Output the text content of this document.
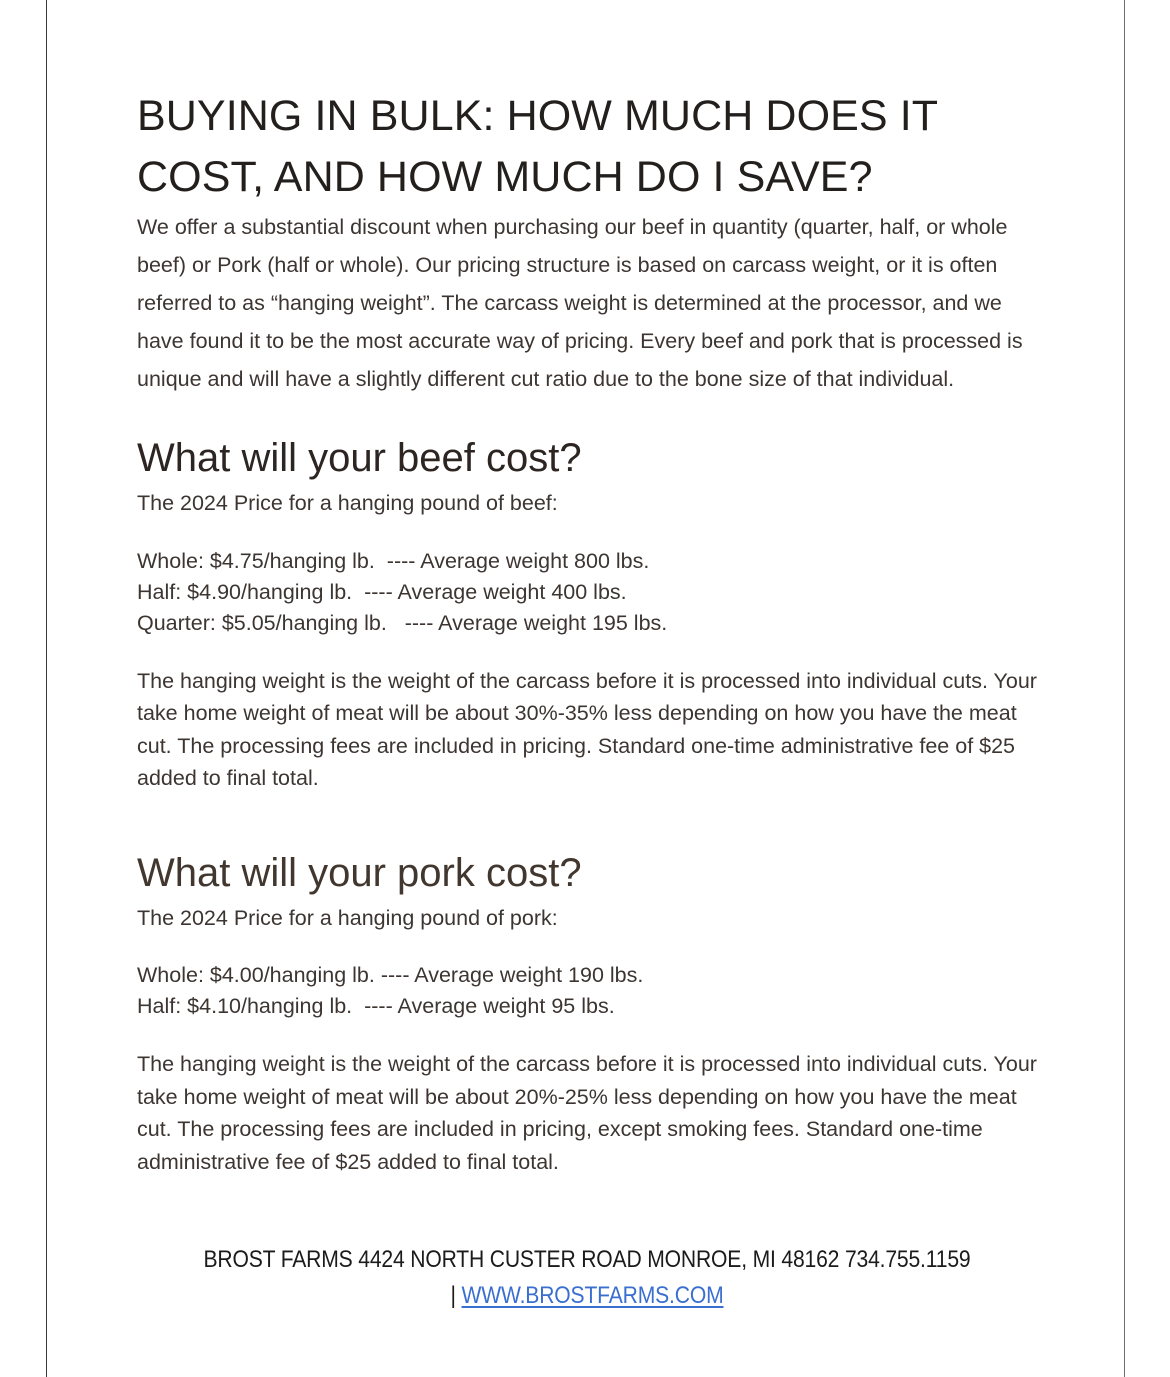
BUYING IN BULK: HOW MUCH DOES IT COST, AND HOW MUCH DO I SAVE?

We offer a substantial discount when purchasing our beef in quantity (quarter, half, or whole beef) or Pork (half or whole). Our pricing structure is based on carcass weight, or it is often referred to as “hanging weight”. The carcass weight is determined at the processor, and we have found it to be the most accurate way of pricing. Every beef and pork that is processed is unique and will have a slightly different cut ratio due to the bone size of that individual.

What will your beef cost?

The 2024 Price for a hanging pound of beef:

Whole: $4.75/hanging lb.  ---- Average weight 800 lbs.
Half: $4.90/hanging lb.  ---- Average weight 400 lbs.
Quarter: $5.05/hanging lb.   ---- Average weight 195 lbs.

The hanging weight is the weight of the carcass before it is processed into individual cuts. Your take home weight of meat will be about 30%-35% less depending on how you have the meat cut. The processing fees are included in pricing. Standard one-time administrative fee of $25 added to final total.

What will your pork cost?

The 2024 Price for a hanging pound of pork:

Whole: $4.00/hanging lb. ---- Average weight 190 lbs.
Half: $4.10/hanging lb.  ---- Average weight 95 lbs.

The hanging weight is the weight of the carcass before it is processed into individual cuts. Your take home weight of meat will be about 20%-25% less depending on how you have the meat cut. The processing fees are included in pricing, except smoking fees. Standard one-time administrative fee of $25 added to final total.

BROST FARMS 4424 NORTH CUSTER ROAD MONROE, MI 48162 734.755.1159
| WWW.BROSTFARMS.COM
